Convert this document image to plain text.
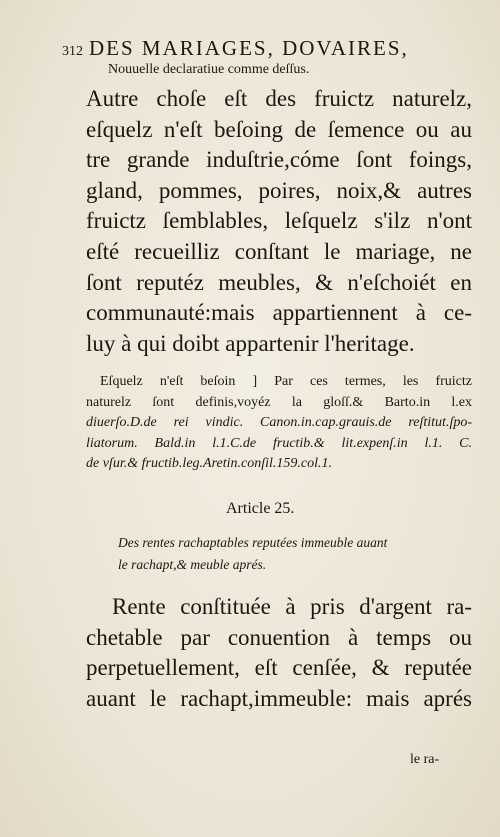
312 DES MARIAGES, DOVAIRES,
Nouuelle declaratiue comme deſſus.
Autre choſe eſt des fruictz naturelz,
eſquelz n'eſt beſoing de ſemence ou au
tre grande induſtrie,cóme ſont foings,
gland, pommes, poires, noix,& autres
fruictz ſemblables, leſquelz s'ilz n'ont
eſté recueilliz conſtant le mariage, ne
ſont reputéz meubles, & n'eſchoiét en
communauté:mais appartiennent à ce-
luy à qui doibt appartenir l'heritage.
Eſquelz n'eſt beſoin ] Par ces termes, les fruictz
naturelz ſont definis,voyéz la gloſſ.& Barto.in l.ex
diuerſo.D.de rei vindic. Canon.in.cap.grauis.de reſtitut.ſpo-
liatorum. Bald.in l.1.C.de fructib.& lit.expenſ.in l.1. C.
de vſur.& fructib.leg.Aretin.conſil.159.col.1.
Article 25.
Des rentes rachaptables reputées immeuble auant
le rachapt,& meuble aprés.
Rente conſtituée à pris d'argent ra-
chetable par conuention à temps ou
perpetuellement, eſt cenſée, & reputée
auant le rachapt,immeuble: mais aprés
le ra-
